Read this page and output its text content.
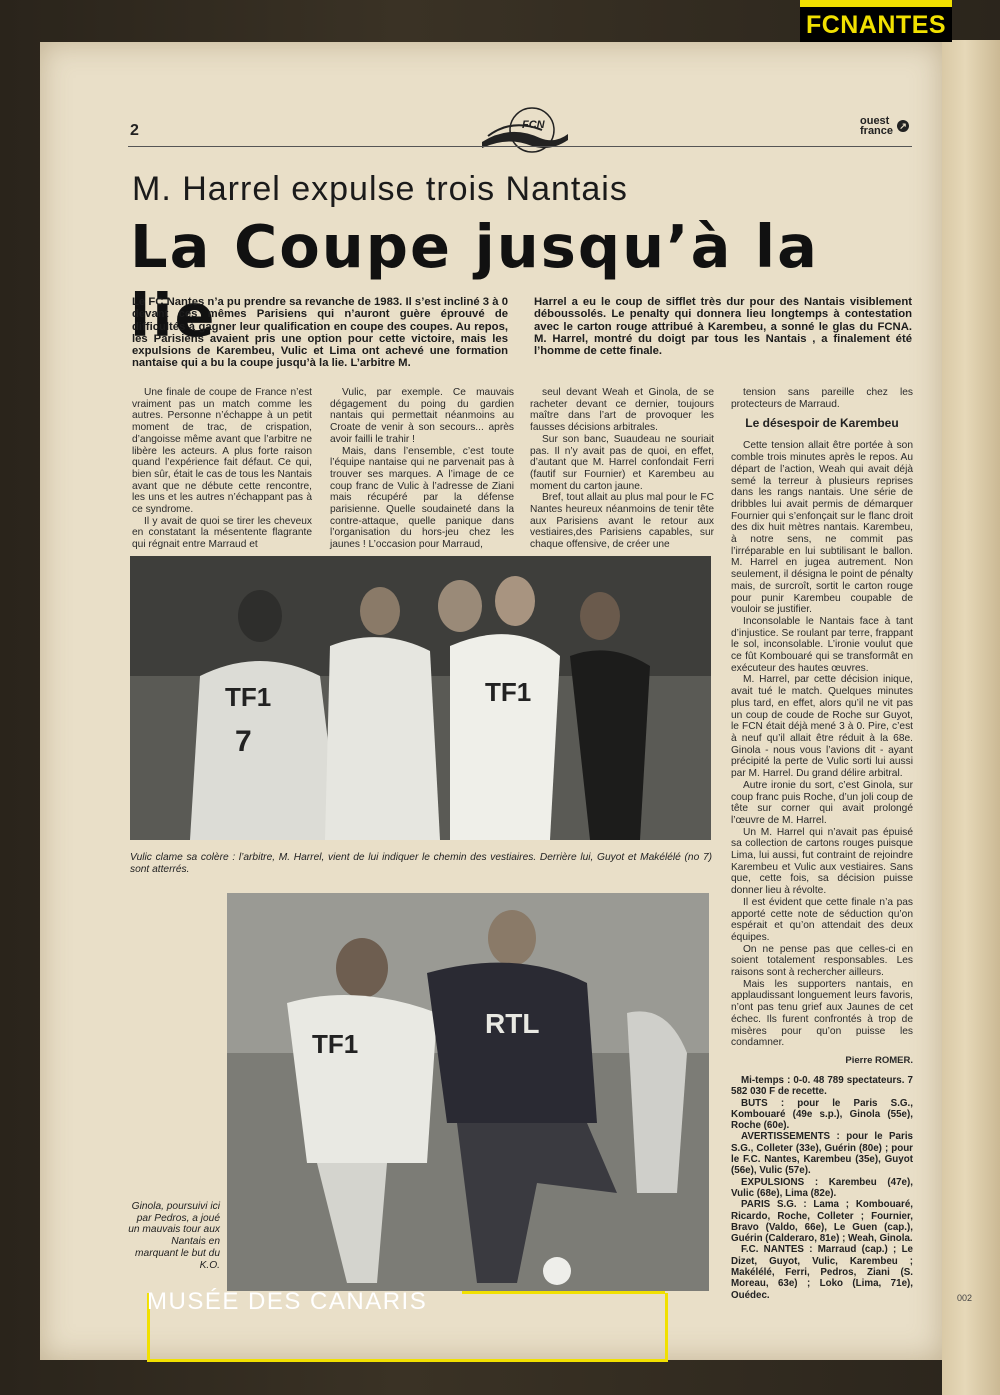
FCNANTES
2	FCN	ouest
france ↗
M. Harrel expulse trois Nantais
La Coupe jusqu’à la lie
Le FC Nantes n’a pu prendre sa revanche de 1983. Il s’est incliné 3 à 0 devant ces mêmes Parisiens qui n’auront guère éprouvé de difficultés à gagner leur qualification en coupe des coupes. Au repos, les Parisiens avaient pris une option pour cette victoire, mais les expulsions de Karembeu, Vulic et Lima ont achevé une formation nantaise qui a bu la coupe jusqu’à la lie. L’arbitre M.
Harrel a eu le coup de sifflet très dur pour des Nantais visiblement déboussolés. Le penalty qui donnera lieu longtemps à contestation avec le carton rouge attribué à Karembeu, a sonné le glas du FCNA. M. Harrel, montré du doigt par tous les Nantais , a finalement été l’homme de cette finale.

Une finale de coupe de France n’est vraiment pas un match comme les autres. Personne n’échappe à un petit moment de trac, de crispation, d’angoisse même avant que l’arbitre ne libère les acteurs. A plus forte raison quand l’expérience fait défaut. Ce qui, bien sûr, était le cas de tous les Nantais avant que ne débute cette rencontre, les uns et les autres n’échappant pas à ce syndrome.

Il y avait de quoi se tirer les cheveux en constatant la mésentente flagrante qui régnait entre Marraud et

Vulic, par exemple. Ce mauvais dégagement du poing du gardien nantais qui permettait néanmoins au Croate de venir à son secours... après avoir failli le trahir !

Mais, dans l’ensemble, c’est toute l’équipe nantaise qui ne parvenait pas à trouver ses marques. A l’image de ce coup franc de Vulic à l’adresse de Ziani mais récupéré par la défense parisienne. Quelle soudaineté dans la contre-attaque, quelle panique dans l’organisation du hors-jeu chez les jaunes ! L’occasion pour Marraud,

seul devant Weah et Ginola, de se racheter devant ce dernier, toujours maître dans l’art de provoquer les fausses décisions arbitrales.

Sur son banc, Suaudeau ne souriait pas. Il n’y avait pas de quoi, en effet, d’autant que M. Harrel confondait Ferri (fautif sur Fournier) et Karembeu au moment du carton jaune.

Bref, tout allait au plus mal pour le FC Nantes heureux néanmoins de tenir tête aux Parisiens avant le retour aux vestiaires,des Parisiens capables, sur chaque offensive, de créer une

tension sans pareille chez les protecteurs de Marraud.

Le désespoir de Karembeu

Cette tension allait être portée à son comble trois minutes après le repos. Au départ de l’action, Weah qui avait déjà semé la terreur à plusieurs reprises dans les rangs nantais. Une série de dribbles lui avait permis de démarquer Fournier qui s’enfonçait sur le flanc droit des dix huit mètres nantais. Karembeu, à notre sens, ne commit pas l’irréparable en lui subtilisant le ballon. M. Harrel en jugea autrement. Non seulement, il désigna le point de pénalty mais, de surcroît, sortit le carton rouge pour punir Karembeu coupable de vouloir se justifier.

Inconsolable le Nantais face à tant d’injustice. Se roulant par terre, frappant le sol, inconsolable. L’ironie voulut que ce fût Kombouaré qui se transformât en exécuteur des hautes œuvres.

M. Harrel, par cette décision inique, avait tué le match. Quelques minutes plus tard, en effet, alors qu’il ne vit pas un coup de coude de Roche sur Guyot, le FCN était déjà mené 3 à 0. Pire, c’est à neuf qu’il allait être réduit à la 68e. Ginola - nous vous l’avions dit - ayant précipité la perte de Vulic sorti lui aussi par M. Harrel. Du grand délire arbitral.

Autre ironie du sort, c’est Ginola, sur coup franc puis Roche, d’un joli coup de tête sur corner qui avait prolongé l’œuvre de M. Harrel.

Un M. Harrel qui n’avait pas épuisé sa collection de cartons rouges puisque Lima, lui aussi, fut contraint de rejoindre Karembeu et Vulic aux vestiaires. Sans que, cette fois, sa décision puisse donner lieu à révolte.

Il est évident que cette finale n’a pas apporté cette note de séduction qu’on espérait et qu’on attendait des deux équipes.

On ne pense pas que celles-ci en soient totalement responsables. Les raisons sont à rechercher ailleurs.

Mais les supporters nantais, en applaudissant longuement leurs favoris, n’ont pas tenu grief aux Jaunes de cet échec. Ils furent confrontés à trop de misères pour qu’on puisse les condamner.

Pierre ROMER.

Mi-temps : 0-0. 48 789 spectateurs. 7 582 030 F de recette.

BUTS : pour le Paris S.G., Kombouaré (49e s.p.), Ginola (55e), Roche (60e).

AVERTISSEMENTS : pour le Paris S.G., Colleter (33e), Guérin (80e) ; pour le F.C. Nantes, Karembeu (35e), Guyot (56e), Vulic (57e).

EXPULSIONS : Karembeu (47e), Vulic (68e), Lima (82e).

PARIS S.G. : Lama ; Kombouaré, Ricardo, Roche, Colleter ; Fournier, Bravo (Valdo, 66e), Le Guen (cap.), Guérin (Calderaro, 81e) ; Weah, Ginola.

F.C. NANTES : Marraud (cap.) ; Le Dizet, Guyot, Vulic, Karembeu ; Makélélé, Ferri, Pedros, Ziani (S. Moreau, 63e) ; Loko (Lima, 71e), Ouédec.

TF1
7
TF1
Vulic clame sa colère : l’arbitre, M. Harrel, vient de lui indiquer le chemin des vestiaires. Derrière lui, Guyot et Makélélé (no 7) sont atterrés.
TF1
RTL
Ginola, poursuivi ici par Pedros, a joué un mauvais tour aux Nantais en marquant le but du K.O.
MUSÉE DES CANARIS	002
